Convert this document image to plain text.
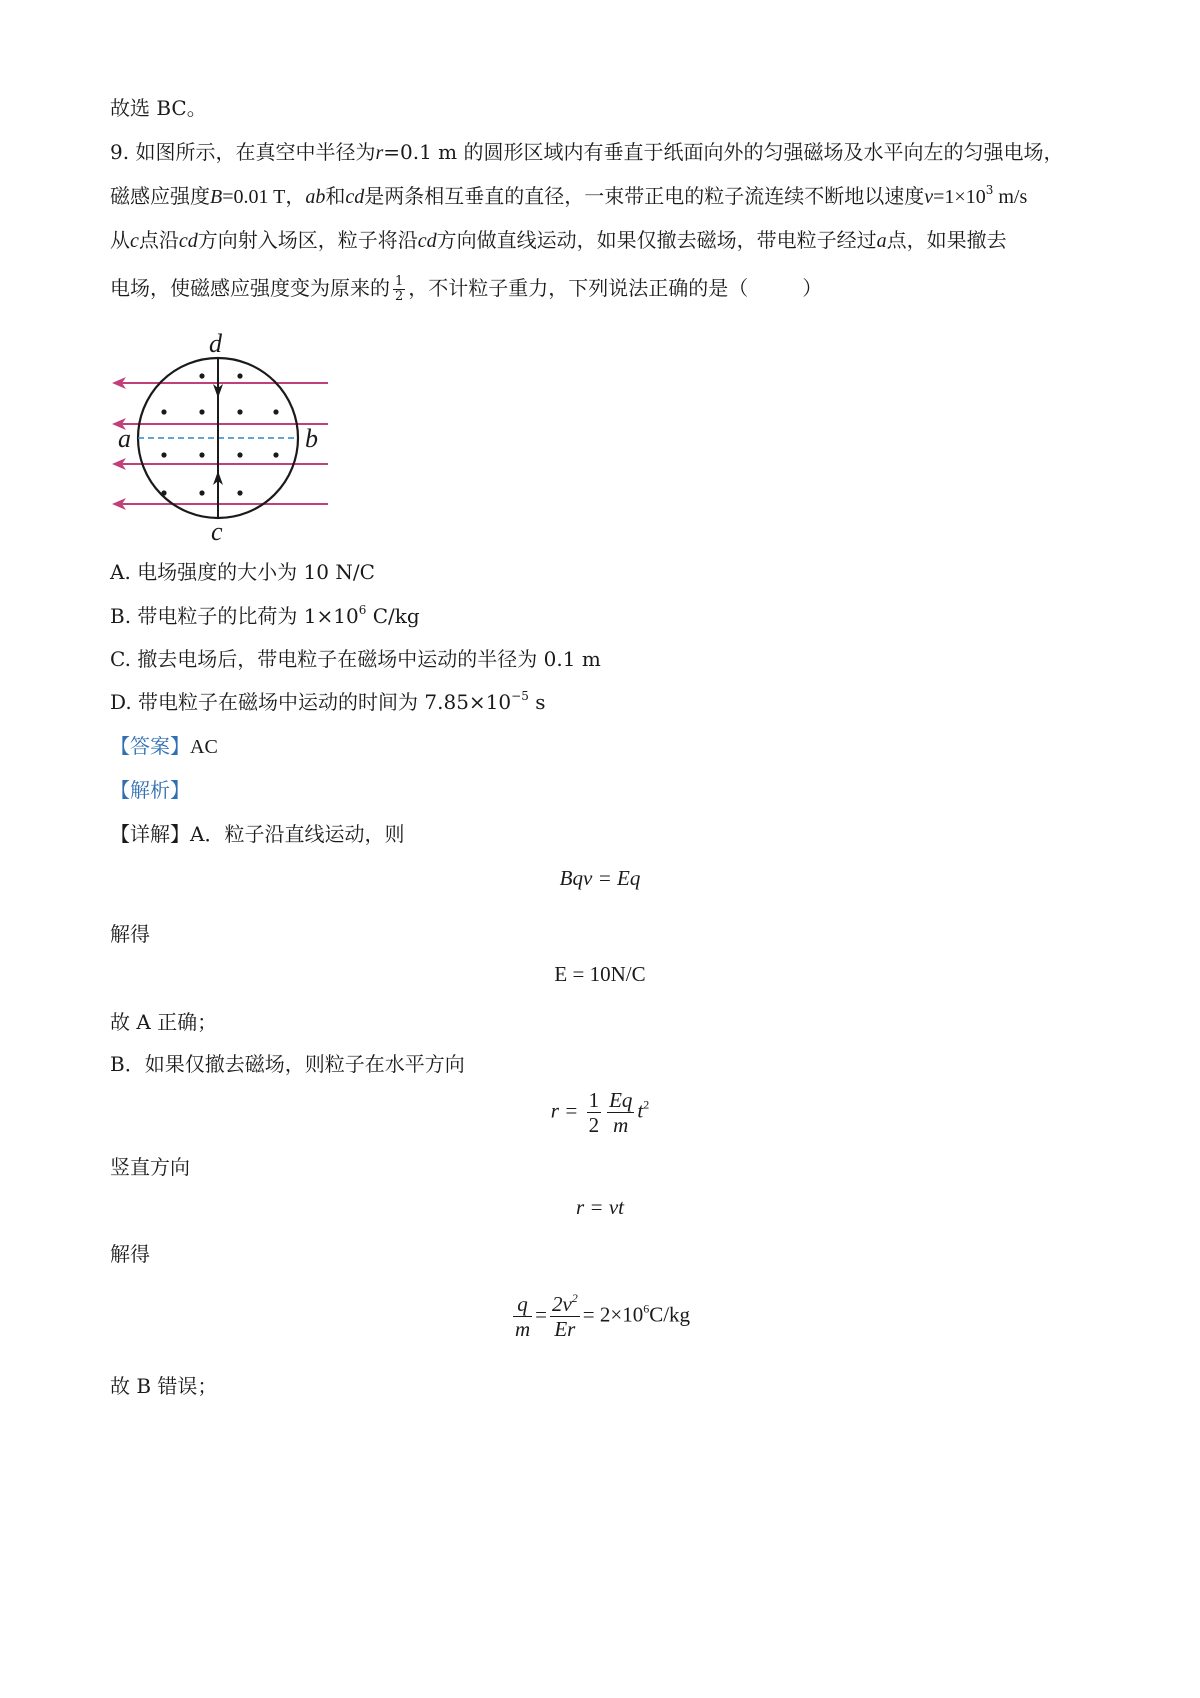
故选 BC。
9. 如图所示，在真空中半径为r=0.1 m 的圆形区域内有垂直于纸面向外的匀强磁场及水平向左的匀强电场，
磁感应强度B=0.01 T，ab和cd是两条相互垂直的直径，一束带正电的粒子流连续不断地以速度$v=1\times 10^3$ m/s
从c点沿cd方向射入场区，粒子将沿cd方向做直线运动，如果仅撤去磁场，带电粒子经过a点，如果撤去
电场，使磁感应强度变为原来的 $\frac{1}{2}$ ，不计粒子重力，下列说法正确的是（	）
d
a	b
c
A. 电场强度的大小为 10 N/C
B. 带电粒子的比荷为 $1\times 10^6$ C/kg
C. 撤去电场后，带电粒子在磁场中运动的半径为 0.1 m
D. 带电粒子在磁场中运动的时间为 $7.85\times 10^{-5}$ s
【答案】AC
【解析】
【详解】A．粒子沿直线运动，则
Bqv = Eq
解得
E = 10N/C
故 A 正确；
B．如果仅撤去磁场，则粒子在水平方向
$r = \frac{1}{2} \frac{Eq}{m} t^2$
竖直方向
r = vt
解得
$\frac{q}{m} = \frac{2v^2}{Er} = 2\times 10^6C/kg$
故 B 错误；
